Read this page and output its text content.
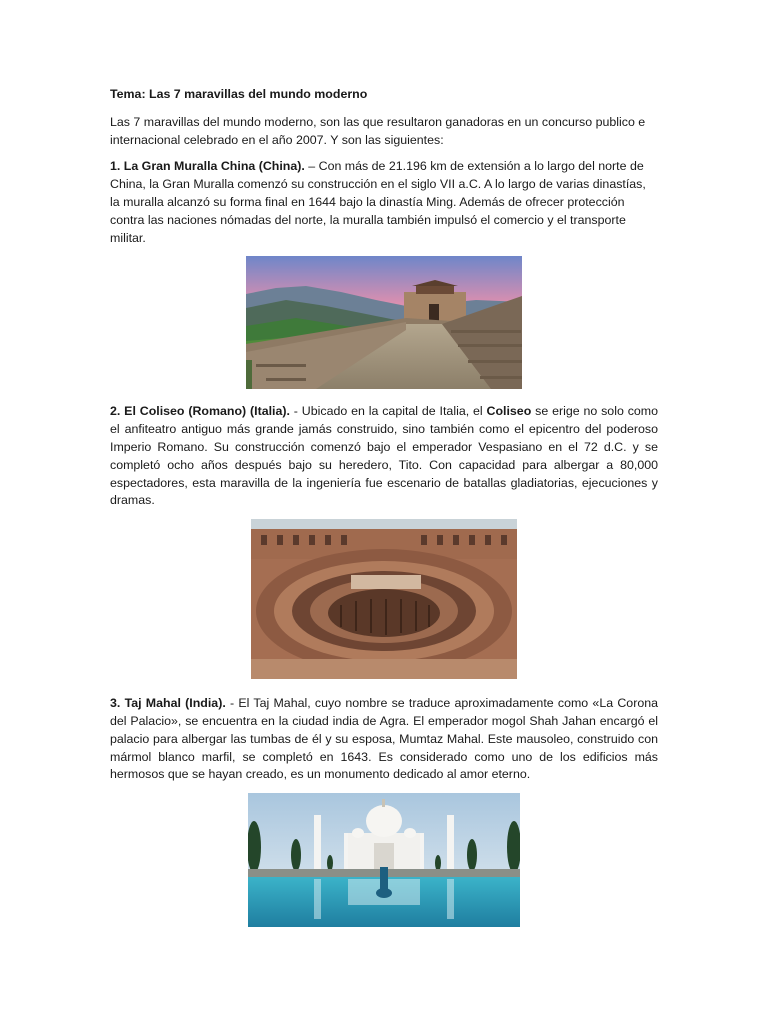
Tema: Las 7 maravillas del mundo moderno

Las 7 maravillas del mundo moderno, son las que resultaron ganadoras en un concurso publico e internacional celebrado en el año 2007. Y son las siguientes:

1. La Gran Muralla China (China). – Con más de 21.196 km de extensión a lo largo del norte de China, la Gran Muralla comenzó su construcción en el siglo VII a.C. A lo largo de varias dinastías, la muralla alcanzó su forma final en 1644 bajo la dinastía Ming. Además de ofrecer protección contra las naciones nómadas del norte, la muralla también impulsó el comercio y el transporte militar.

2. El Coliseo (Romano) (Italia). - Ubicado en la capital de Italia, el Coliseo se erige no solo como el anfiteatro antiguo más grande jamás construido, sino también como el epicentro del poderoso Imperio Romano. Su construcción comenzó bajo el emperador Vespasiano en el 72 d.C. y se completó ocho años después bajo su heredero, Tito. Con capacidad para albergar a 80,000 espectadores, esta maravilla de la ingeniería fue escenario de batallas gladiatorias, ejecuciones y dramas.

3. Taj Mahal (India). - El Taj Mahal, cuyo nombre se traduce aproximadamente como «La Corona del Palacio», se encuentra en la ciudad india de Agra. El emperador mogol Shah Jahan encargó el palacio para albergar las tumbas de él y su esposa, Mumtaz Mahal. Este mausoleo, construido con mármol blanco marfil, se completó en 1643. Es considerado como uno de los edificios más hermosos que se hayan creado, es un monumento dedicado al amor eterno.
